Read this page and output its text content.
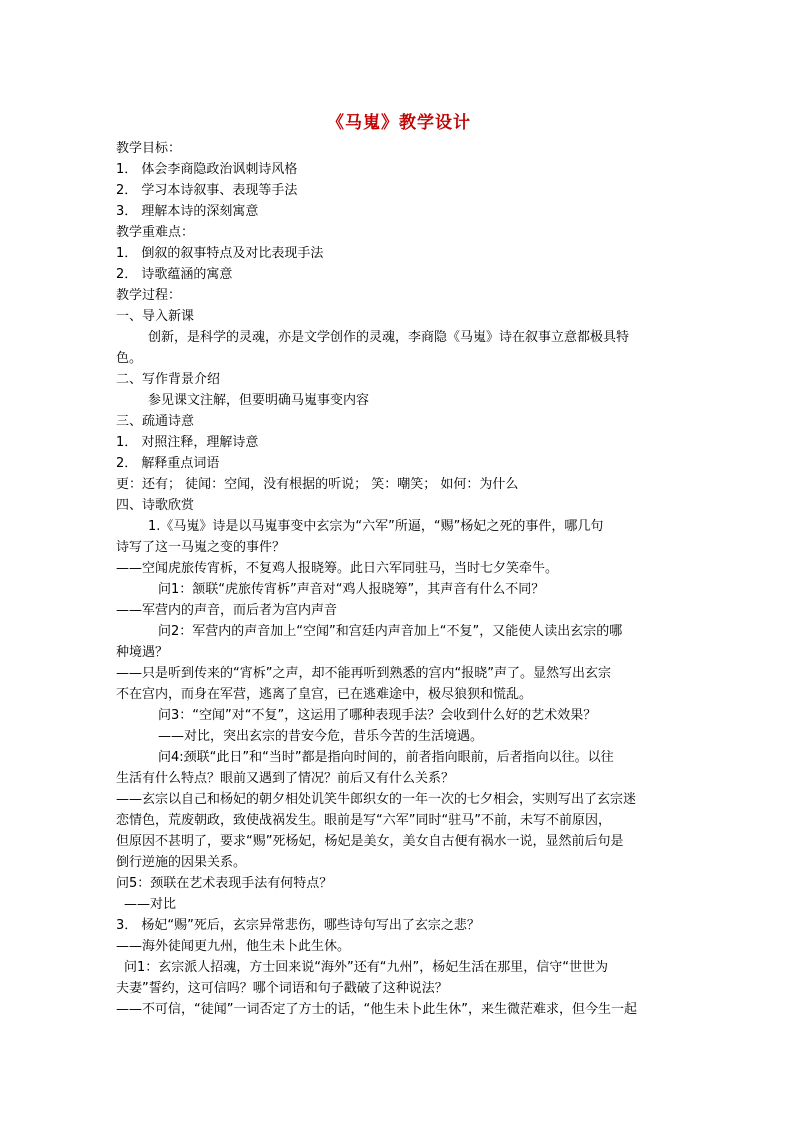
《马嵬》教学设计
教学目标：
1． 体会李商隐政治讽刺诗风格
2． 学习本诗叙事、表现等手法
3． 理解本诗的深刻寓意
教学重难点：
1． 倒叙的叙事特点及对比表现手法
2． 诗歌蕴涵的寓意
教学过程：
一、导入新课
创新，是科学的灵魂，亦是文学创作的灵魂，李商隐《马嵬》诗在叙事立意都极具特
色。
二、写作背景介绍
参见课文注解，但要明确马嵬事变内容
三、疏通诗意
1． 对照注释，理解诗意
2． 解释重点词语
更：还有； 徒闻：空闻，没有根据的听说； 笑：嘲笑； 如何：为什么
四、诗歌欣赏
1.《马嵬》诗是以马嵬事变中玄宗为“六军”所逼，“赐”杨妃之死的事件，哪几句
诗写了这一马嵬之变的事件？
——空闻虎旅传宵柝，不复鸡人报晓筹。此日六军同驻马，当时七夕笑牵牛。
问1：颔联“虎旅传宵柝”声音对“鸡人报晓筹”，其声音有什么不同？
——军营内的声音，而后者为宫内声音
问2：军营内的声音加上“空闻”和宫廷内声音加上“不复”，又能使人读出玄宗的哪
种境遇？
——只是听到传来的“宵柝”之声，却不能再听到熟悉的宫内“报晓”声了。显然写出玄宗
不在宫内，而身在军营，逃离了皇宫，已在逃难途中，极尽狼狈和慌乱。
问3：“空闻”对“不复”，这运用了哪种表现手法？会收到什么好的艺术效果？
——对比，突出玄宗的昔安今危，昔乐今苦的生活境遇。
问4:颈联“此日”和“当时”都是指向时间的，前者指向眼前，后者指向以往。以往
生活有什么特点？眼前又遇到了情况？前后又有什么关系？
——玄宗以自己和杨妃的朝夕相处讥笑牛郎织女的一年一次的七夕相会，实则写出了玄宗迷
恋情色，荒废朝政，致使战祸发生。眼前是写“六军”同时“驻马”不前，未写不前原因，
但原因不甚明了，要求“赐”死杨妃，杨妃是美女，美女自古便有祸水一说，显然前后句是
倒行逆施的因果关系。
问5：颈联在艺术表现手法有何特点？
——对比
3． 杨妃“赐”死后，玄宗异常悲伤，哪些诗句写出了玄宗之悲？
——海外徒闻更九州，他生未卜此生休。
问1：玄宗派人招魂，方士回来说“海外”还有“九州”，杨妃生活在那里，信守“世世为
夫妻”誓约，这可信吗？哪个词语和句子戳破了这种说法？
——不可信，“徒闻”一词否定了方士的话，“他生未卜此生休”，来生微茫难求，但今生一起
